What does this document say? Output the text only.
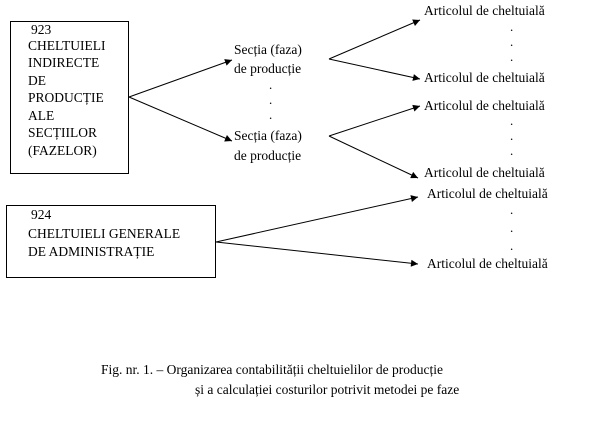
923
CHELTUIELI
INDIRECTE
DE
PRODUCȚIE
ALE
SECȚIILOR
(FAZELOR)
924
CHELTUIELI GENERALE
DE ADMINISTRAȚIE
Secția (faza)
de producție
.
.
.
Secția (faza)
de producție
Articolul de cheltuială
.
.
.
Articolul de cheltuială
Articolul de cheltuială
.
.
.
Articolul de cheltuială
Articolul de cheltuială
.
.
.
Articolul de cheltuială
Fig. nr. 1. – Organizarea contabilității cheltuielilor de producție
și a calculației costurilor potrivit metodei pe faze
